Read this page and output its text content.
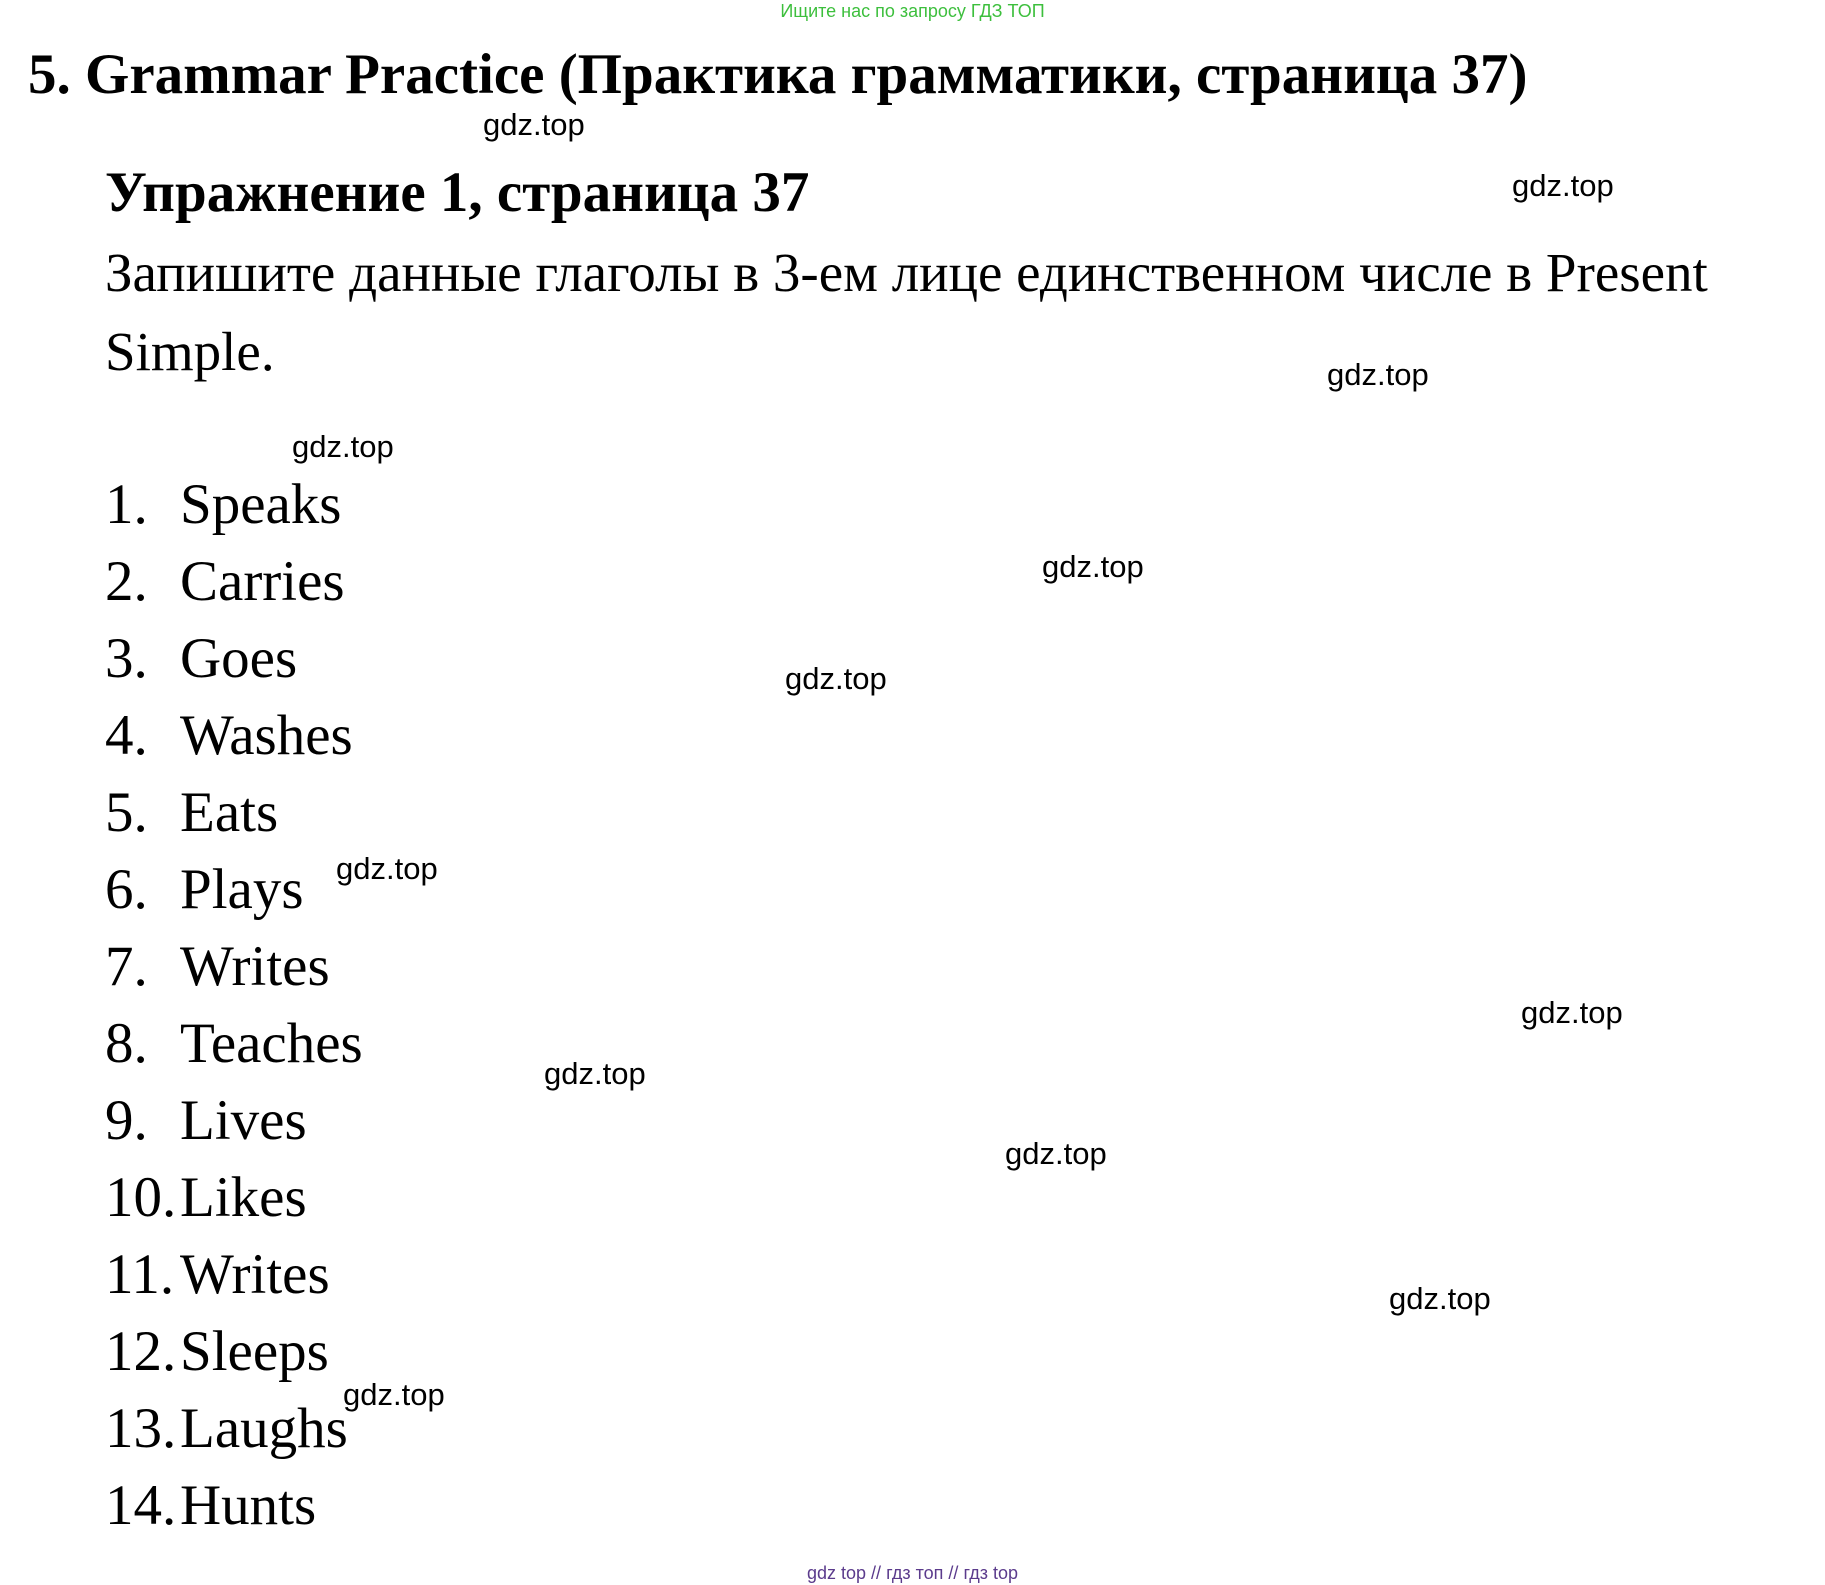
Ищите нас по запросу ГДЗ ТОП
5. Grammar Practice (Практика грамматики, страница 37)
Упражнение 1, страница 37

Запишите данные глаголы в 3-ем лице единственном числе в Present Simple.

1. Speaks
2. Carries
3. Goes
4. Washes
5. Eats
6. Plays
7. Writes
8. Teaches
9. Lives
10.Likes
11. Writes
12.Sleeps
13.Laughs
14.Hunts
gdz.top
gdz.top
gdz.top
gdz.top
gdz.top
gdz.top
gdz.top
gdz.top
gdz.top
gdz.top
gdz.top
gdz.top
gdz top // гдз топ // гдз top
